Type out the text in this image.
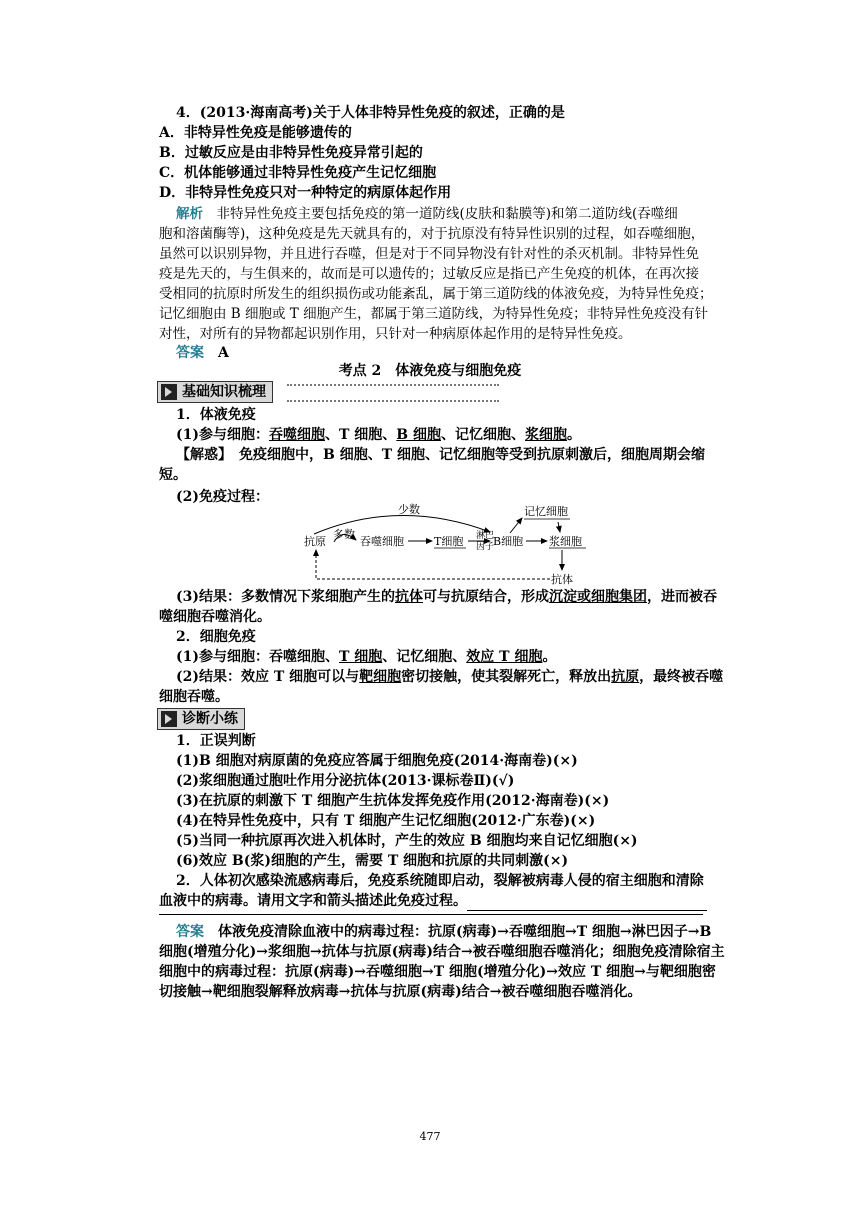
4．(2013·海南高考)关于人体非特异性免疫的叙述，正确的是
A．非特异性免疫是能够遗传的
B．过敏反应是由非特异性免疫异常引起的
C．机体能够通过非特异性免疫产生记忆细胞
D．非特异性免疫只对一种特定的病原体起作用
解析　非特异性免疫主要包括免疫的第一道防线(皮肤和黏膜等)和第二道防线(吞噬细
胞和溶菌酶等)，这种免疫是先天就具有的，对于抗原没有特异性识别的过程，如吞噬细胞，
虽然可以识别异物，并且进行吞噬，但是对于不同异物没有针对性的杀灭机制。非特异性免
疫是先天的，与生俱来的，故而是可以遗传的；过敏反应是指已产生免疫的机体，在再次接
受相同的抗原时所发生的组织损伤或功能紊乱，属于第三道防线的体液免疫，为特异性免疫；
记忆细胞由 B 细胞或 T 细胞产生，都属于第三道防线，为特异性免疫；非特异性免疫没有针
对性，对所有的异物都起识别作用，只针对一种病原体起作用的是特异性免疫。
答案　A
考点 2　体液免疫与细胞免疫
基础知识梳理
1．体液免疫
(1)参与细胞：吞噬细胞、T 细胞、B 细胞、记忆细胞、浆细胞。
【解惑】　免疫细胞中，B 细胞、T 细胞、记忆细胞等受到抗原刺激后，细胞周期会缩
短。
(2)免疫过程：
少数
多数
抗原	吞噬细胞	T细胞 淋巴
因子
B细胞
记忆细胞
浆细胞
抗体
(3)结果：多数情况下浆细胞产生的抗体可与抗原结合，形成沉淀或细胞集团，进而被吞
噬细胞吞噬消化。
2．细胞免疫
(1)参与细胞：吞噬细胞、T 细胞、记忆细胞、效应 T 细胞。
(2)结果：效应 T 细胞可以与靶细胞密切接触，使其裂解死亡，释放出抗原，最终被吞噬
细胞吞噬。
诊断小练
1．正误判断
(1)B 细胞对病原菌的免疫应答属于细胞免疫(2014·海南卷)(×)
(2)浆细胞通过胞吐作用分泌抗体(2013·课标卷Ⅱ)(√)
(3)在抗原的刺激下 T 细胞产生抗体发挥免疫作用(2012·海南卷)(×)
(4)在特异性免疫中，只有 T 细胞产生记忆细胞(2012·广东卷)(×)
(5)当同一种抗原再次进入机体时，产生的效应 B 细胞均来自记忆细胞(×)
(6)效应 B(浆)细胞的产生，需要 T 细胞和抗原的共同刺激(×)
2．人体初次感染流感病毒后，免疫系统随即启动，裂解被病毒人侵的宿主细胞和清除
血液中的病毒。请用文字和箭头描述此免疫过程。
答案　体液免疫清除血液中的病毒过程：抗原(病毒)→吞噬细胞→T 细胞→淋巴因子→B
细胞(增殖分化)→浆细胞→抗体与抗原(病毒)结合→被吞噬细胞吞噬消化；细胞免疫清除宿主
细胞中的病毒过程：抗原(病毒)→吞噬细胞→T 细胞(增殖分化)→效应 T 细胞→与靶细胞密
切接触→靶细胞裂解释放病毒→抗体与抗原(病毒)结合→被吞噬细胞吞噬消化。
477
